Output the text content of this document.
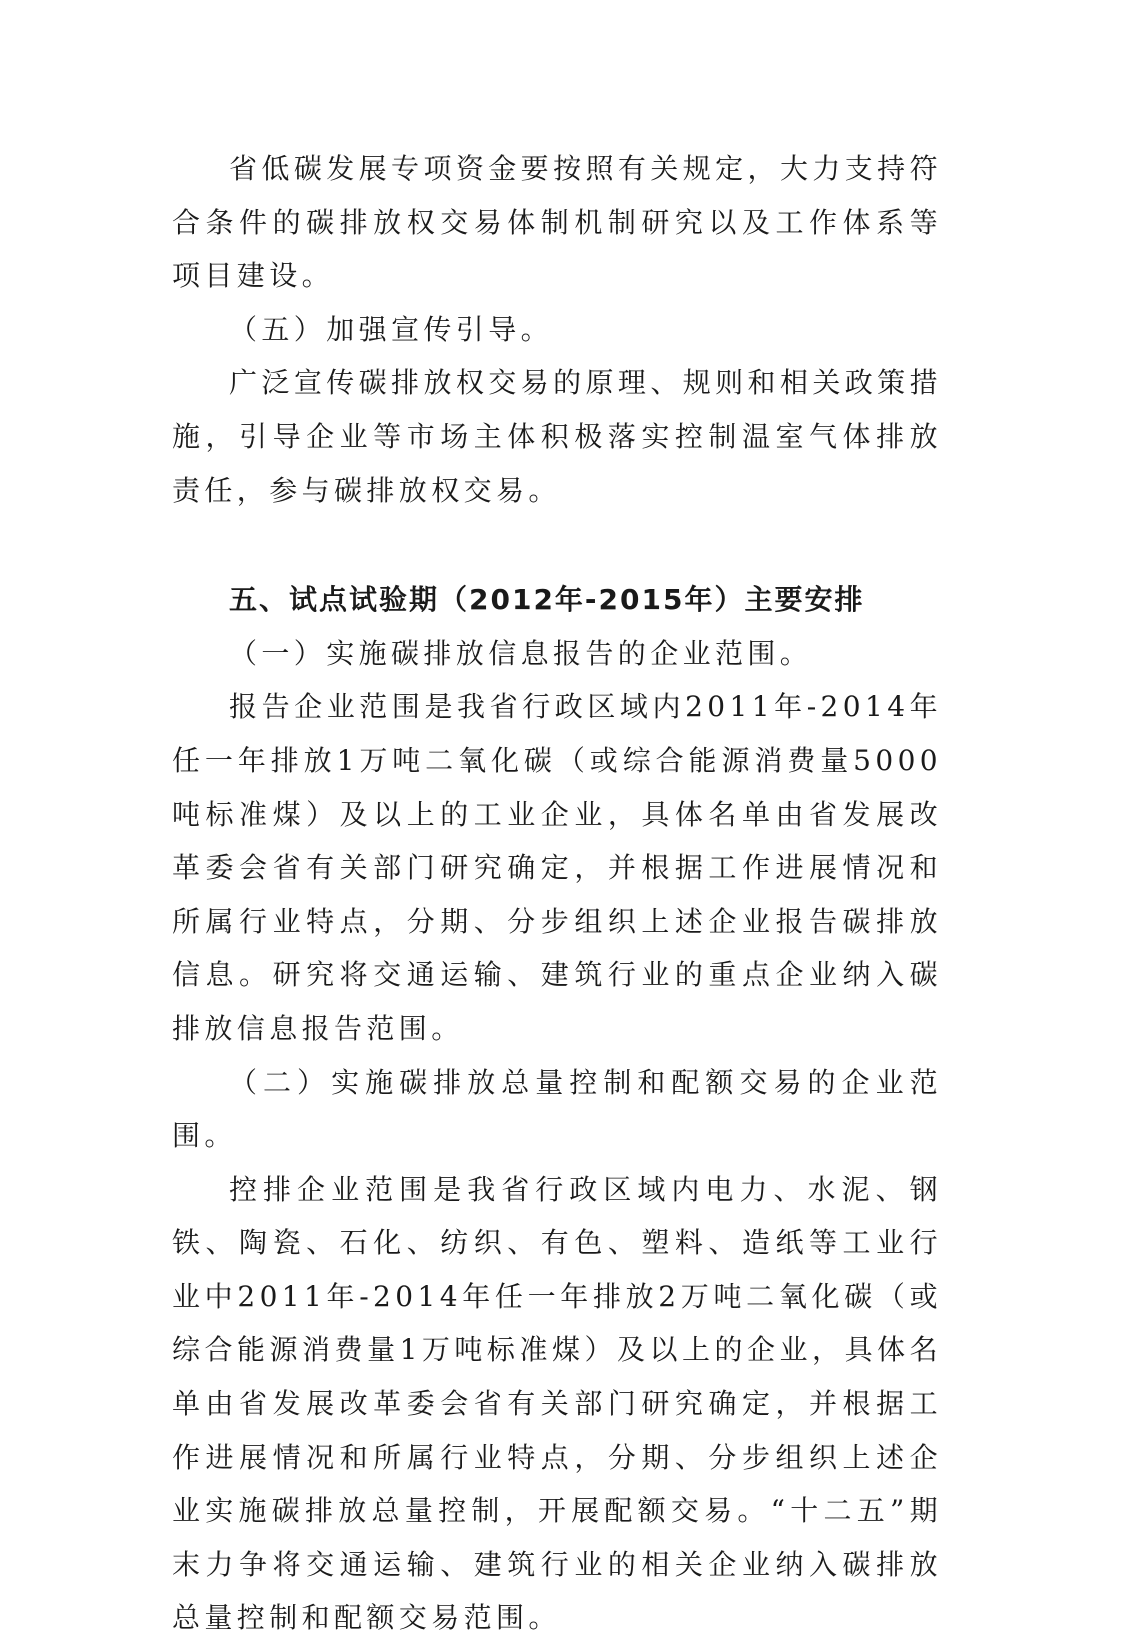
省低碳发展专项资金要按照有关规定，大力支持符合条件的碳排放权交易体制机制研究以及工作体系等项目建设。

（五）加强宣传引导。

广泛宣传碳排放权交易的原理、规则和相关政策措施，引导企业等市场主体积极落实控制温室气体排放责任，参与碳排放权交易。

五、试点试验期（2012年-2015年）主要安排

（一）实施碳排放信息报告的企业范围。

报告企业范围是我省行政区域内2011年-2014年任一年排放1万吨二氧化碳（或综合能源消费量5000吨标准煤）及以上的工业企业，具体名单由省发展改革委会省有关部门研究确定，并根据工作进展情况和所属行业特点，分期、分步组织上述企业报告碳排放信息。研究将交通运输、建筑行业的重点企业纳入碳排放信息报告范围。

（二）实施碳排放总量控制和配额交易的企业范围。

控排企业范围是我省行政区域内电力、水泥、钢铁、陶瓷、石化、纺织、有色、塑料、造纸等工业行业中2011年-2014年任一年排放2万吨二氧化碳（或综合能源消费量1万吨标准煤）及以上的企业，具体名单由省发展改革委会省有关部门研究确定，并根据工作进展情况和所属行业特点，分期、分步组织上述企业实施碳排放总量控制，开展配额交易。“十二五”期末力争将交通运输、建筑行业的相关企业纳入碳排放总量控制和配额交易范围。
